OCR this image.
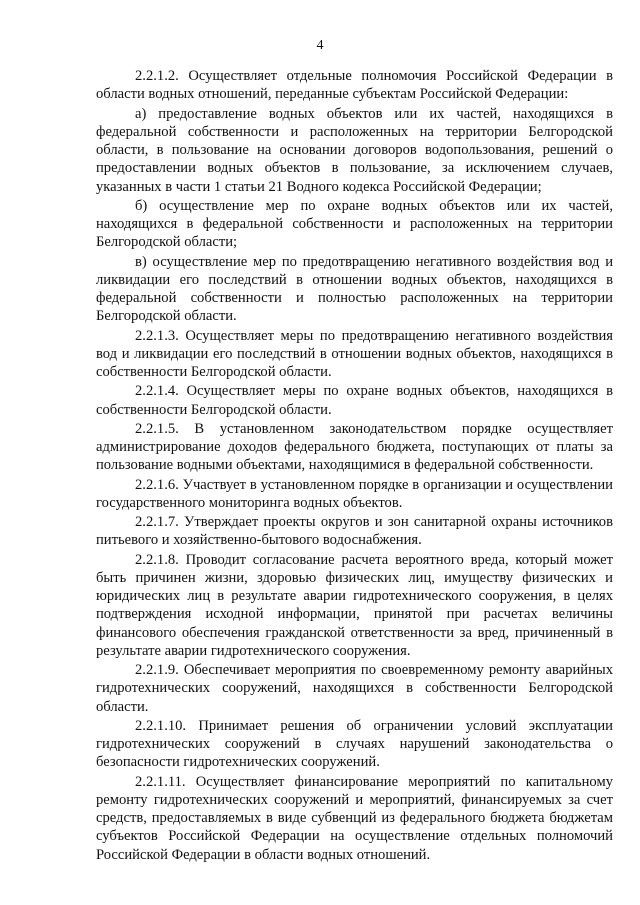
4

2.2.1.2. Осуществляет отдельные полномочия Российской Федерации в области водных отношений, переданные субъектам Российской Федерации:

а) предоставление водных объектов или их частей, находящихся в федеральной собственности и расположенных на территории Белгородской области, в пользование на основании договоров водопользования, решений о предоставлении водных объектов в пользование, за исключением случаев, указанных в части 1 статьи 21 Водного кодекса Российской Федерации;

б) осуществление мер по охране водных объектов или их частей, находящихся в федеральной собственности и расположенных на территории Белгородской области;

в) осуществление мер по предотвращению негативного воздействия вод и ликвидации его последствий в отношении водных объектов, находящихся в федеральной собственности и полностью расположенных на территории Белгородской области.

2.2.1.3. Осуществляет меры по предотвращению негативного воздействия вод и ликвидации его последствий в отношении водных объектов, находящихся в собственности Белгородской области.

2.2.1.4. Осуществляет меры по охране водных объектов, находящихся в собственности Белгородской области.

2.2.1.5. В установленном законодательством порядке осуществляет администрирование доходов федерального бюджета, поступающих от платы за пользование водными объектами, находящимися в федеральной собственности.

2.2.1.6. Участвует в установленном порядке в организации и осуществлении государственного мониторинга водных объектов.

2.2.1.7. Утверждает проекты округов и зон санитарной охраны источников питьевого и хозяйственно-бытового водоснабжения.

2.2.1.8. Проводит согласование расчета вероятного вреда, который может быть причинен жизни, здоровью физических лиц, имуществу физических и юридических лиц в результате аварии гидротехнического сооружения, в целях подтверждения исходной информации, принятой при расчетах величины финансового обеспечения гражданской ответственности за вред, причиненный в результате аварии гидротехнического сооружения.

2.2.1.9. Обеспечивает мероприятия по своевременному ремонту аварийных гидротехнических сооружений, находящихся в собственности Белгородской области.

2.2.1.10. Принимает решения об ограничении условий эксплуатации гидротехнических сооружений в случаях нарушений законодательства о безопасности гидротехнических сооружений.

2.2.1.11. Осуществляет финансирование мероприятий по капитальному ремонту гидротехнических сооружений и мероприятий, финансируемых за счет средств, предоставляемых в виде субвенций из федерального бюджета бюджетам субъектов Российской Федерации на осуществление отдельных полномочий Российской Федерации в области водных отношений.
